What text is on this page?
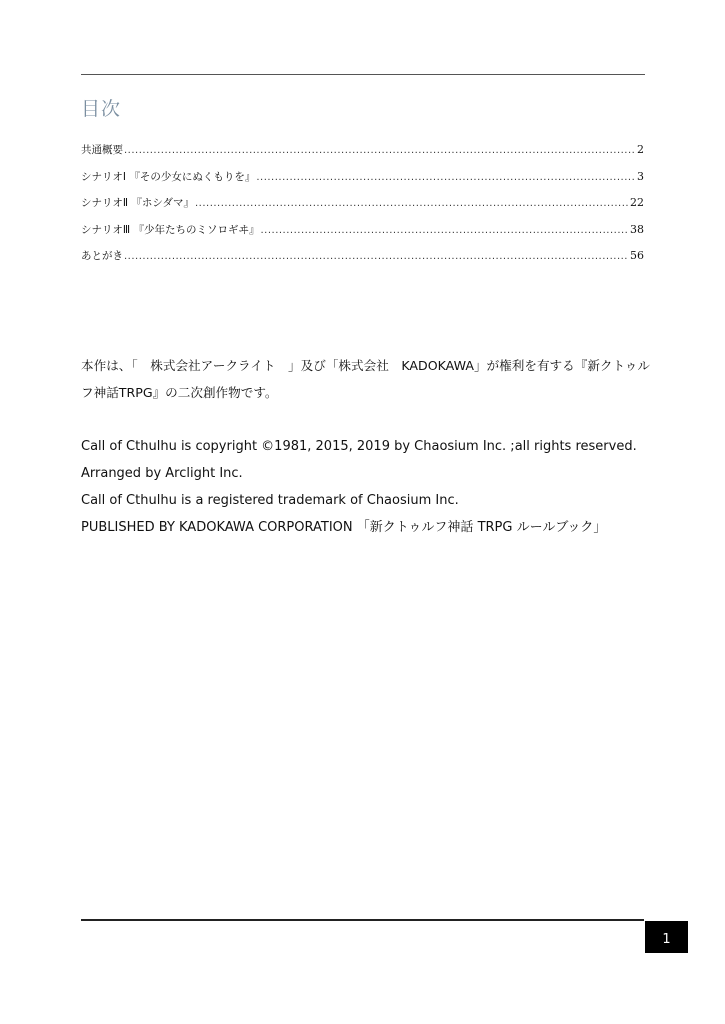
目次
共通概要 .....	2
シナリオⅠ 『その少女にぬくもりを』 .....	3
シナリオⅡ 『ホシダマ』 .....	22
シナリオⅢ 『少年たちのミソロギヰ』 .....	38
あとがき .....	56
本作は、「　株式会社アークライト　」及び「株式会社　KADOKAWA」が権利を有する『新クトゥルフ神話TRPG』の二次創作物です。
Call of Cthulhu is copyright ©1981, 2015, 2019 by Chaosium Inc. ;all rights reserved.
Arranged by Arclight Inc.
Call of Cthulhu is a registered trademark of Chaosium Inc.
PUBLISHED BY KADOKAWA CORPORATION 「新クトゥルフ神話 TRPG ルールブック」
1
